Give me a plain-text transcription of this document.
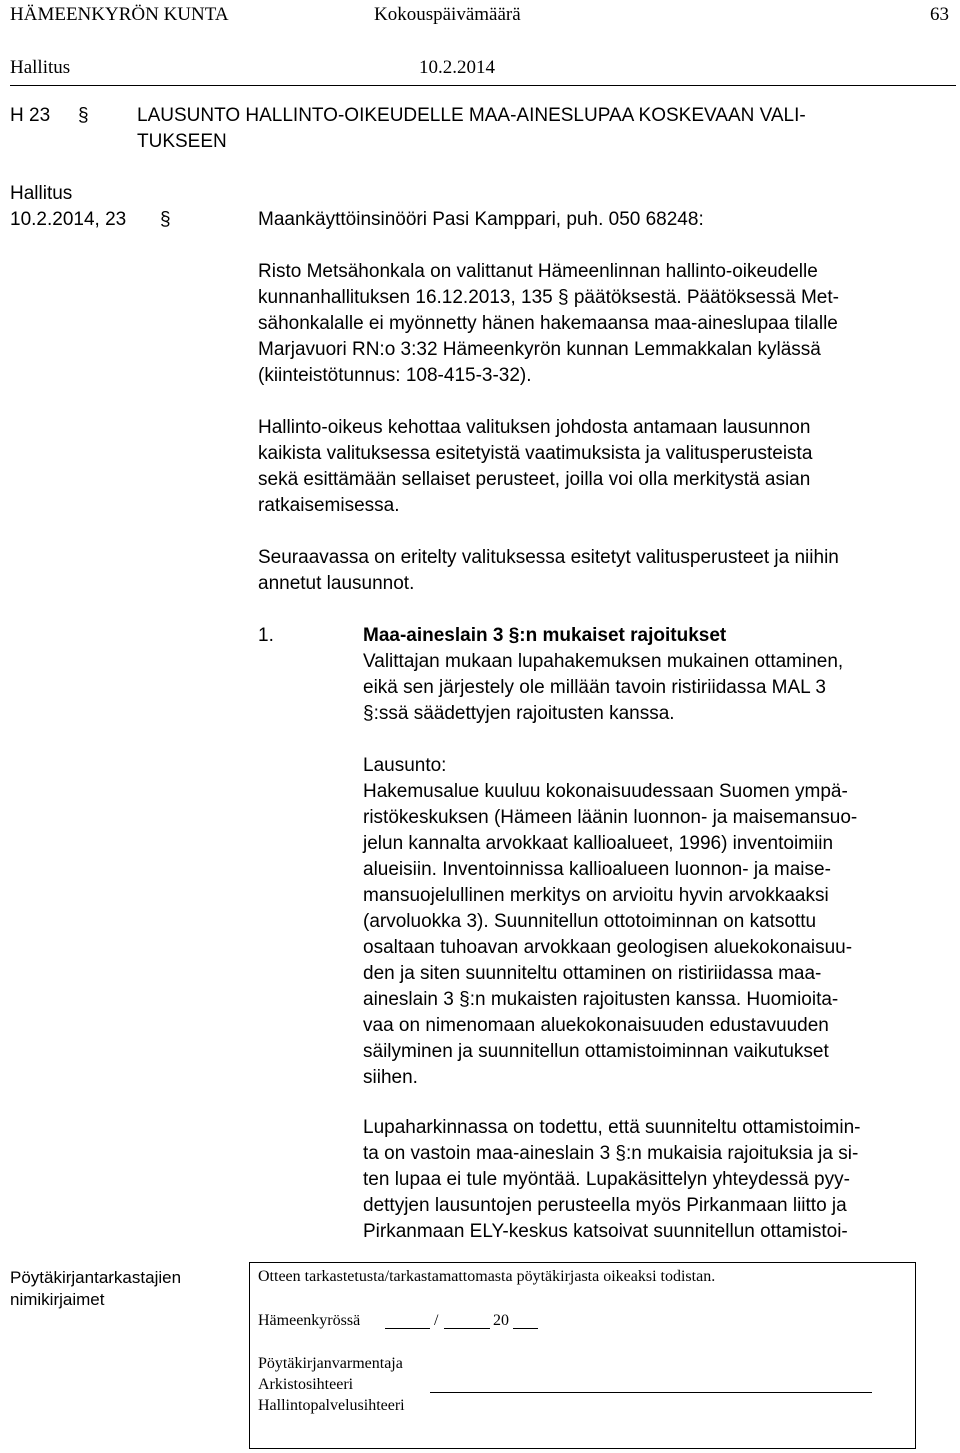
HÄMEENKYRÖN KUNTA	Kokouspäivämäärä	63
Hallitus	10.2.2014
H 23 §	LAUSUNTO HALLINTO-OIKEUDELLE MAA-AINESLUPAA KOSKEVAAN VALI-
TUKSEEN
Hallitus
10.2.2014, 23 §	Maankäyttöinsinööri Pasi Kamppari, puh. 050 68248:
Risto Metsähonkala on valittanut Hämeenlinnan hallinto-oikeudelle
kunnanhallituksen 16.12.2013, 135 § päätöksestä. Päätöksessä Met-
sähonkalalle ei myönnetty hänen hakemaansa maa-aineslupaa tilalle
Marjavuori RN:o 3:32 Hämeenkyrön kunnan Lemmakkalan kylässä
(kiinteistötunnus: 108-415-3-32).
Hallinto-oikeus kehottaa valituksen johdosta antamaan lausunnon
kaikista valituksessa esitetyistä vaatimuksista ja valitusperusteista
sekä esittämään sellaiset perusteet, joilla voi olla merkitystä asian
ratkaisemisessa.
Seuraavassa on eritelty valituksessa esitetyt valitusperusteet ja niihin
annetut lausunnot.
1.	Maa-aineslain 3 §:n mukaiset rajoitukset
Valittajan mukaan lupahakemuksen mukainen ottaminen,
eikä sen järjestely ole millään tavoin ristiriidassa MAL 3
§:ssä säädettyjen rajoitusten kanssa.
Lausunto:
Hakemusalue kuuluu kokonaisuudessaan Suomen ympä-
ristökeskuksen (Hämeen läänin luonnon- ja maisemansuo-
jelun kannalta arvokkaat kallioalueet, 1996) inventoimiin
alueisiin. Inventoinnissa kallioalueen luonnon- ja maise-
mansuojelullinen merkitys on arvioitu hyvin arvokkaaksi
(arvoluokka 3). Suunnitellun ottotoiminnan on katsottu
osaltaan tuhoavan arvokkaan geologisen aluekokonaisuu-
den ja siten suunniteltu ottaminen on ristiriidassa maa-
aineslain 3 §:n mukaisten rajoitusten kanssa. Huomioita-
vaa on nimenomaan aluekokonaisuuden edustavuuden
säilyminen ja suunnitellun ottamistoiminnan vaikutukset
siihen.
Lupaharkinnassa on todettu, että suunniteltu ottamistoimin-
ta on vastoin maa-aineslain 3 §:n mukaisia rajoituksia ja si-
ten lupaa ei tule myöntää. Lupakäsittelyn yhteydessä pyy-
dettyjen lausuntojen perusteella myös Pirkanmaan liitto ja
Pirkanmaan ELY-keskus katsoivat suunnitellun ottamistoi-
Pöytäkirjantarkastajien
nimikirjaimet
Otteen tarkastetusta/tarkastamattomasta pöytäkirjasta oikeaksi todistan.
Hämeenkyrössä	/	20
Pöytäkirjanvarmentaja
Arkistosihteeri
Hallintopalvelusihteeri
